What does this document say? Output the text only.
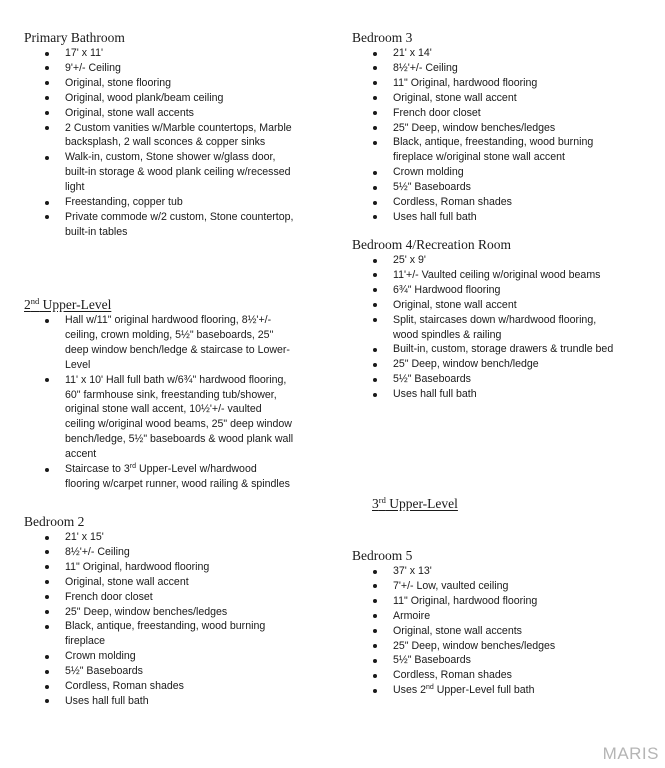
Primary Bathroom
17' x 11'
9'+/- Ceiling
Original, stone flooring
Original, wood plank/beam ceiling
Original, stone wall accents
2 Custom vanities w/Marble countertops, Marble
backsplash, 2 wall sconces & copper sinks
Walk-in, custom, Stone shower w/glass door,
built-in storage & wood plank ceiling w/recessed
light
Freestanding, copper tub
Private commode w/2 custom, Stone countertop,
built-in tables
2nd Upper-Level
Hall w/11" original hardwood flooring, 8½'+/-
ceiling, crown molding, 5½" baseboards, 25"
deep window bench/ledge & staircase to Lower-
Level
11' x 10' Hall full bath w/6¾" hardwood flooring,
60" farmhouse sink, freestanding tub/shower,
original stone wall accent, 10½'+/- vaulted
ceiling w/original wood beams, 25" deep window
bench/ledge, 5½" baseboards & wood plank wall
accent
Staircase to 3rd Upper-Level w/hardwood
flooring w/carpet runner, wood railing & spindles
Bedroom 2
21' x 15'
8½'+/- Ceiling
11" Original, hardwood flooring
Original, stone wall accent
French door closet
25" Deep, window benches/ledges
Black, antique, freestanding, wood burning
fireplace
Crown molding
5½" Baseboards
Cordless, Roman shades
Uses hall full bath
Bedroom 3
21' x 14'
8½'+/- Ceiling
11" Original, hardwood flooring
Original, stone wall accent
French door closet
25" Deep, window benches/ledges
Black, antique, freestanding, wood burning
fireplace w/original stone wall accent
Crown molding
5½" Baseboards
Cordless, Roman shades
Uses hall full bath
Bedroom 4/Recreation Room
25' x 9'
11'+/- Vaulted ceiling w/original wood beams
6¾" Hardwood flooring
Original, stone wall accent
Split, staircases down w/hardwood flooring,
wood spindles & railing
Built-in, custom, storage drawers & trundle bed
25" Deep, window bench/ledge
5½" Baseboards
Uses hall full bath
3rd Upper-Level
Bedroom 5
37' x 13'
7'+/- Low, vaulted ceiling
11" Original, hardwood flooring
Armoire
Original, stone wall accents
25" Deep, window benches/ledges
5½" Baseboards
Cordless, Roman shades
Uses 2nd Upper-Level full bath
MARIS
